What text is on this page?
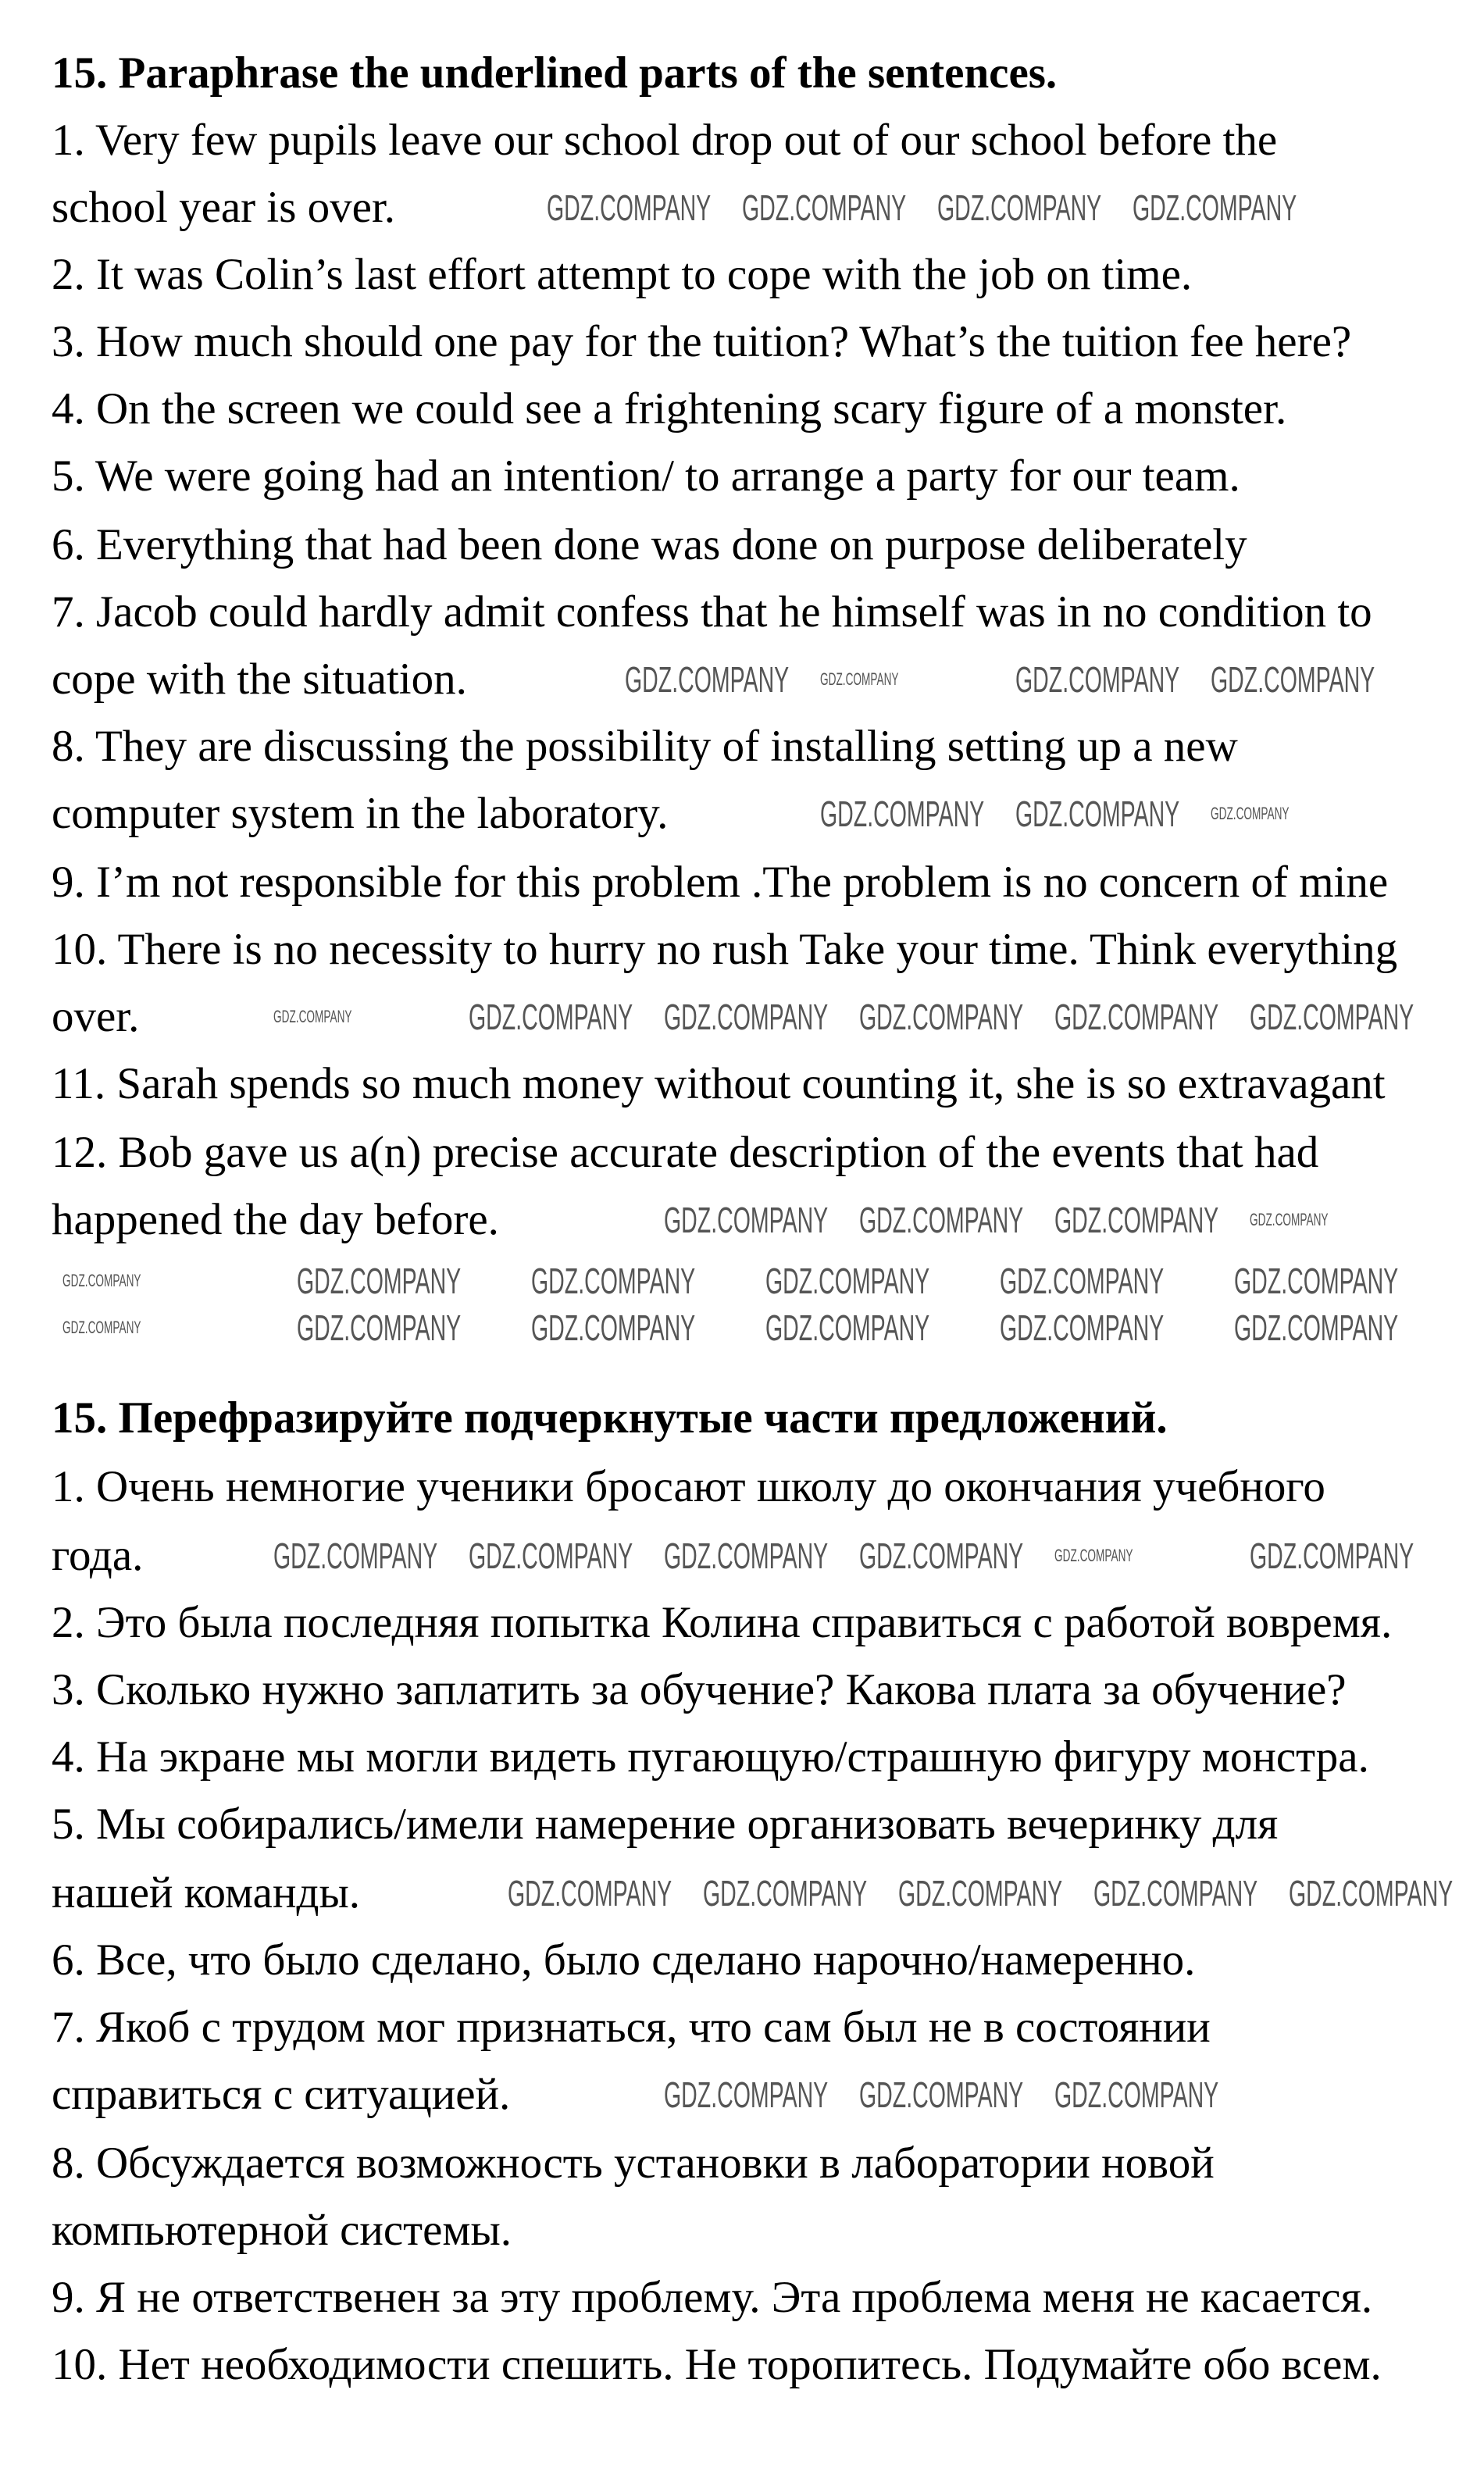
15. Paraphrase the underlined parts of the sentences.
1. Very few pupils leave our school drop out of our school before the
school year is over.
2. It was Colin’s last effort attempt to cope with the job on time.
3. How much should one pay for the tuition? What’s the tuition fee here?
4. On the screen we could see a frightening scary figure of a monster.
5. We were going had an intention/ to arrange a party for our team.
6. Everything that had been done was done on purpose deliberately
7. Jacob could hardly admit confess that he himself was in no condition to
cope with the situation.
8. They are discussing the possibility of installing setting up a new
computer system in the laboratory.
9. I’m not responsible for this problem .The problem is no concern of mine
10. There is no necessity to hurry no rush Take your time. Think everything
over.
11. Sarah spends so much money without counting it, she is so extravagant
12. Bob gave us a(n) precise accurate description of the events that had
happened the day before.
15. Перефразируйте подчеркнутые части предложений.
1. Очень немногие ученики бросают школу до окончания учебного
года.
2. Это была последняя попытка Колина справиться с работой вовремя.
3. Сколько нужно заплатить за обучение? Какова плата за обучение?
4. На экране мы могли видеть пугающую/страшную фигуру монстра.
5. Мы собирались/имели намерение организовать вечеринку для
нашей команды.
6. Все, что было сделано, было сделано нарочно/намеренно.
7. Якоб с трудом мог признаться, что сам был не в состоянии
справиться с ситуацией.
8. Обсуждается возможность установки в лаборатории новой
компьютерной системы.
9. Я не ответственен за эту проблему. Эта проблема меня не касается.
10. Нет необходимости спешить. Не торопитесь. Подумайте обо всем.
GDZ.COMPANY GDZ.COMPANY GDZ.COMPANY GDZ.COMPANY
GDZ.COMPANY GDZ.COMPANY	GDZ.COMPANY GDZ.COMPANY
GDZ.COMPANY GDZ.COMPANY GDZ.COMPANY
GDZ.COMPANY	GDZ.COMPANY GDZ.COMPANY GDZ.COMPANY GDZ.COMPANY GDZ.COMPANY
GDZ.COMPANY GDZ.COMPANY GDZ.COMPANY GDZ.COMPANY
GDZ.COMPANY	GDZ.COMPANY GDZ.COMPANY GDZ.COMPANY GDZ.COMPANY GDZ.COMPANY
GDZ.COMPANY	GDZ.COMPANY GDZ.COMPANY GDZ.COMPANY GDZ.COMPANY GDZ.COMPANY
GDZ.COMPANY GDZ.COMPANY GDZ.COMPANY GDZ.COMPANY GDZ.COMPANY	GDZ.COMPANY
GDZ.COMPANY GDZ.COMPANY GDZ.COMPANY GDZ.COMPANY GDZ.COMPANY
GDZ.COMPANY GDZ.COMPANY GDZ.COMPANY
